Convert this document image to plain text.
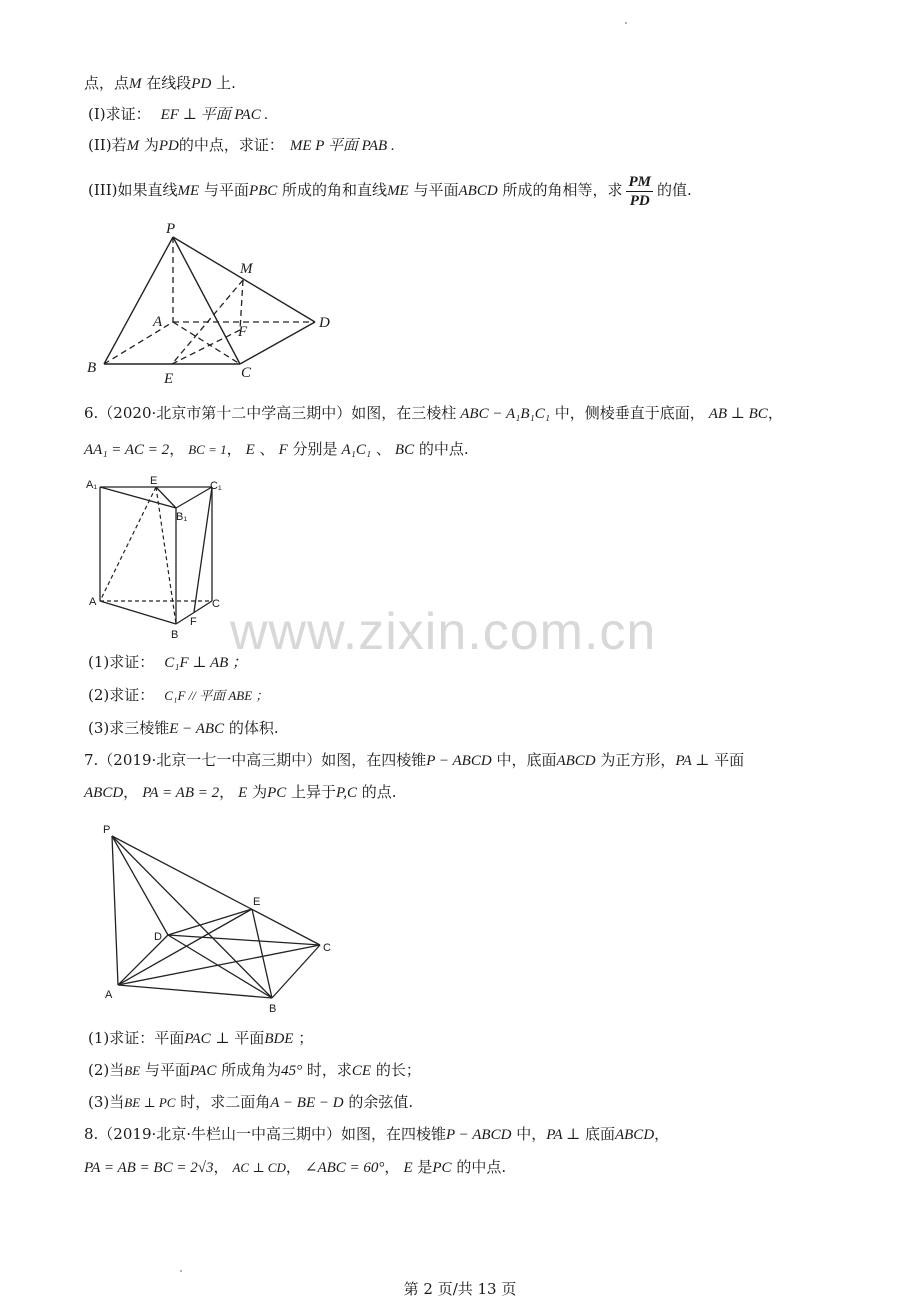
点，点M 在线段PD 上.
(I)求证： EF ⊥ 平面 PAC .
(II)若M 为PD的中点，求证： ME P 平面 PAB .
(III)如果直线ME 与平面PBC 所成的角和直线ME 与平面ABCD 所成的角相等，求 $\frac{PM}{PD}$ 的值.
P
M
A
F
D
B
E	C
6.（2020·北京市第十二中学高三期中）如图，在三棱柱 ABC − A₁B₁C₁ 中，侧棱垂直于底面， AB ⊥ BC，
AA₁ = AC = 2， BC = 1， E 、 F 分别是 A₁C₁ 、 BC 的中点.
A₁	E	C₁
B₁
A	C
F
B
(1)求证： C₁F ⊥ AB ；
(2)求证： C₁F // 平面 ABE ；
(3)求三棱锥E − ABC 的体积.
7.（2019·北京一七一中高三期中）如图，在四棱锥P − ABCD 中，底面ABCD 为正方形，PA ⊥ 平面
ABCD， PA = AB = 2， E 为PC 上异于P,C 的点.
P
E
D
C
A
B
(1)求证：平面PAC ⊥ 平面BDE ；
(2)当BE 与平面PAC 所成角为45° 时，求CE 的长；
(3)当BE ⊥ PC 时，求二面角A − BE − D 的余弦值.
8.（2019·北京·牛栏山一中高三期中）如图，在四棱锥P − ABCD 中，PA ⊥ 底面ABCD，
PA = AB = BC = 2√3， AC ⊥ CD， ∠ABC = 60°， E 是PC 的中点.
www.zixin.com.cn
第 2 页/共 13 页
